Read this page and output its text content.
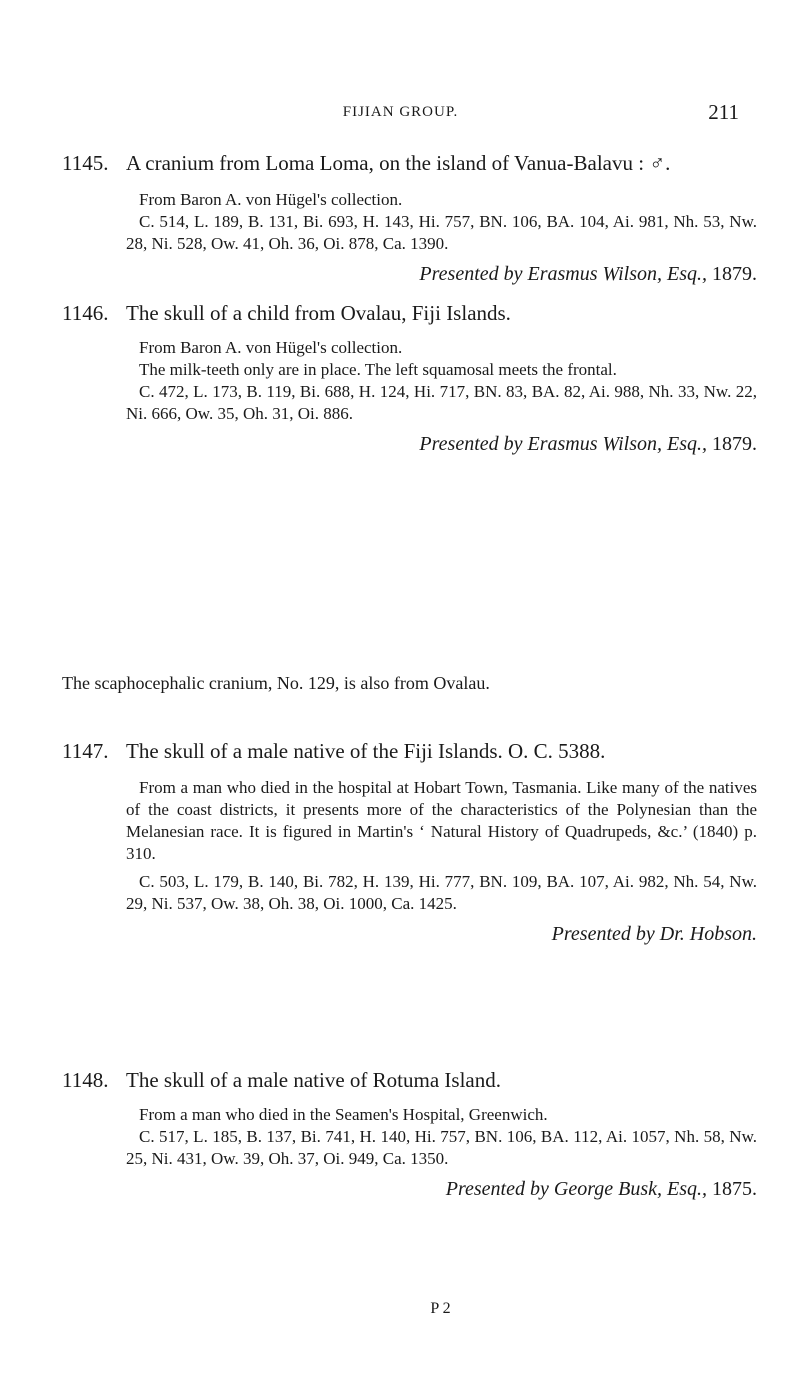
FIJIAN GROUP.	211
1145. A cranium from Loma Loma, on the island of Vanua-Balavu : ♂.

From Baron A. von Hügel's collection.

C. 514, L. 189, B. 131, Bi. 693, H. 143, Hi. 757, BN. 106, BA. 104, Ai. 981, Nh. 53, Nw. 28, Ni. 528, Ow. 41, Oh. 36, Oi. 878, Ca. 1390.

Presented by Erasmus Wilson, Esq., 1879.
1146. The skull of a child from Ovalau, Fiji Islands.

From Baron A. von Hügel's collection.

The milk-teeth only are in place. The left squamosal meets the frontal.

C. 472, L. 173, B. 119, Bi. 688, H. 124, Hi. 717, BN. 83, BA. 82, Ai. 988, Nh. 33, Nw. 22, Ni. 666, Ow. 35, Oh. 31, Oi. 886.

Presented by Erasmus Wilson, Esq., 1879.
The scaphocephalic cranium, No. 129, is also from Ovalau.
1147. The skull of a male native of the Fiji Islands. O. C. 5388.

From a man who died in the hospital at Hobart Town, Tasmania. Like many of the natives of the coast districts, it presents more of the characteristics of the Polynesian than the Melanesian race. It is figured in Martin's ‘ Natural History of Quadrupeds, &c.’ (1840) p. 310.

C. 503, L. 179, B. 140, Bi. 782, H. 139, Hi. 777, BN. 109, BA. 107, Ai. 982, Nh. 54, Nw. 29, Ni. 537, Ow. 38, Oh. 38, Oi. 1000, Ca. 1425.

Presented by Dr. Hobson.
1148. The skull of a male native of Rotuma Island.

From a man who died in the Seamen's Hospital, Greenwich.

C. 517, L. 185, B. 137, Bi. 741, H. 140, Hi. 757, BN. 106, BA. 112, Ai. 1057, Nh. 58, Nw. 25, Ni. 431, Ow. 39, Oh. 37, Oi. 949, Ca. 1350.

Presented by George Busk, Esq., 1875.
P 2
